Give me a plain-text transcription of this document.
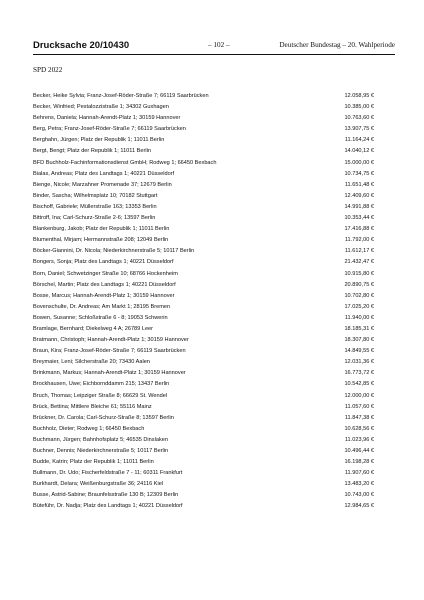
Drucksache 20/10430	– 102 –	Deutscher Bundestag – 20. Wahlperiode
SPD 2022
Becker, Heike Sylvia; Franz-Josef-Röder-Straße 7; 66119 Saarbrücken	12.058,95 €
Becker, Winfried; Pestalozzistraße 1; 34302 Guxhagen	10.385,00 €
Behrens, Daniela; Hannah-Arendt-Platz 1; 30159 Hannover	10.763,60 €
Berg, Petra; Franz-Josef-Röder-Straße 7; 66119 Saarbrücken	13.907,75 €
Berghahn, Jürgen; Platz der Republik 1; 11011 Berlin	11.164,24 €
Bergt, Bengt; Platz der Republik 1; 11011 Berlin	14.040,12 €
BFD Buchholz-Fachinformationsdienst GmbH; Rodweg 1; 66450 Bexbach	15.000,00 €
Bialas, Andreas; Platz des Landtags 1; 40221 Düsseldorf	10.734,75 €
Bienge, Nicole; Marzahner Promenade 37; 12679 Berlin	11.651,48 €
Binder, Sascha; Wilhelmsplatz 10; 70182 Stuttgart	12.409,60 €
Bischoff, Gabriele; Müllerstraße 163; 13353 Berlin	14.991,88 €
Bittroff, Ina; Carl-Schurz-Straße 2-6; 13597 Berlin	10.353,44 €
Blankenburg, Jakob; Platz der Republik 1; 11011 Berlin	17.416,88 €
Blumenthal, Mirjam; Hermannstraße 208; 12049 Berlin	11.792,00 €
Böcker-Giannini, Dr. Nicola; Niederkirchnerstraße 5; 10117 Berlin	11.612,17 €
Bongers, Sonja; Platz des Landtags 1; 40221 Düsseldorf	21.432,47 €
Born, Daniel; Schwetzinger Straße 10; 68766 Hockenheim	10.915,80 €
Börschel, Martin; Platz des Landtags 1; 40221 Düsseldorf	20.890,75 €
Bosse, Marcus; Hannah-Arendt-Platz 1; 30159 Hannover	10.702,80 €
Bovenschulte, Dr. Andreas; Am Markt 1; 28195 Bremen	17.025,20 €
Bowen, Susanne; Schloßstraße 6 - 8; 19053 Schwerin	11.940,00 €
Bramlage, Bernhard; Diekelweg 4 A; 26789 Leer	18.185,31 €
Bratmann, Christoph; Hannah-Arendt-Platz 1; 30159 Hannover	18.307,80 €
Braun, Kira; Franz-Josef-Röder-Straße 7; 66119 Saarbrücken	14.849,55 €
Breymaier, Leni; Silcherstraße 20; 73430 Aalen	12.031,36 €
Brinkmann, Markus; Hannah-Arendt-Platz 1; 30159 Hannover	16.773,72 €
Brockhausen, Uwe; Eichbornddamm 215; 13437 Berlin	10.542,85 €
Bruch, Thomas; Leipziger Straße 8; 66629 St. Wendel	12.000,00 €
Brück, Bettina; Mittlere Bleiche 61; 55116 Mainz	11.057,60 €
Brückner, Dr. Carola; Carl-Schurz-Straße 8; 13597 Berlin	11.847,38 €
Buchholz, Dieter; Rodweg 1; 66450 Bexbach	10.628,56 €
Buchmann, Jürgen; Bahnhofsplatz 5; 46535 Dinslaken	11.023,96 €
Buchner, Dennis; Niederkirchnerstraße 5; 10117 Berlin	10.496,44 €
Budde, Katrin; Platz der Republik 1; 11011 Berlin	16.198,28 €
Bullmann, Dr. Udo; Fischerfeldstraße 7 - 11; 60311 Frankfurt	11.907,60 €
Burkhardt, Delara; Weißenburgstraße 36; 24116 Kiel	13.483,20 €
Busse, Astrid-Sabine; Braunfelsstraße 130 B; 12309 Berlin	10.743,00 €
Büteführ, Dr. Nadja; Platz des Landtags 1; 40221 Düsseldorf	12.984,65 €
